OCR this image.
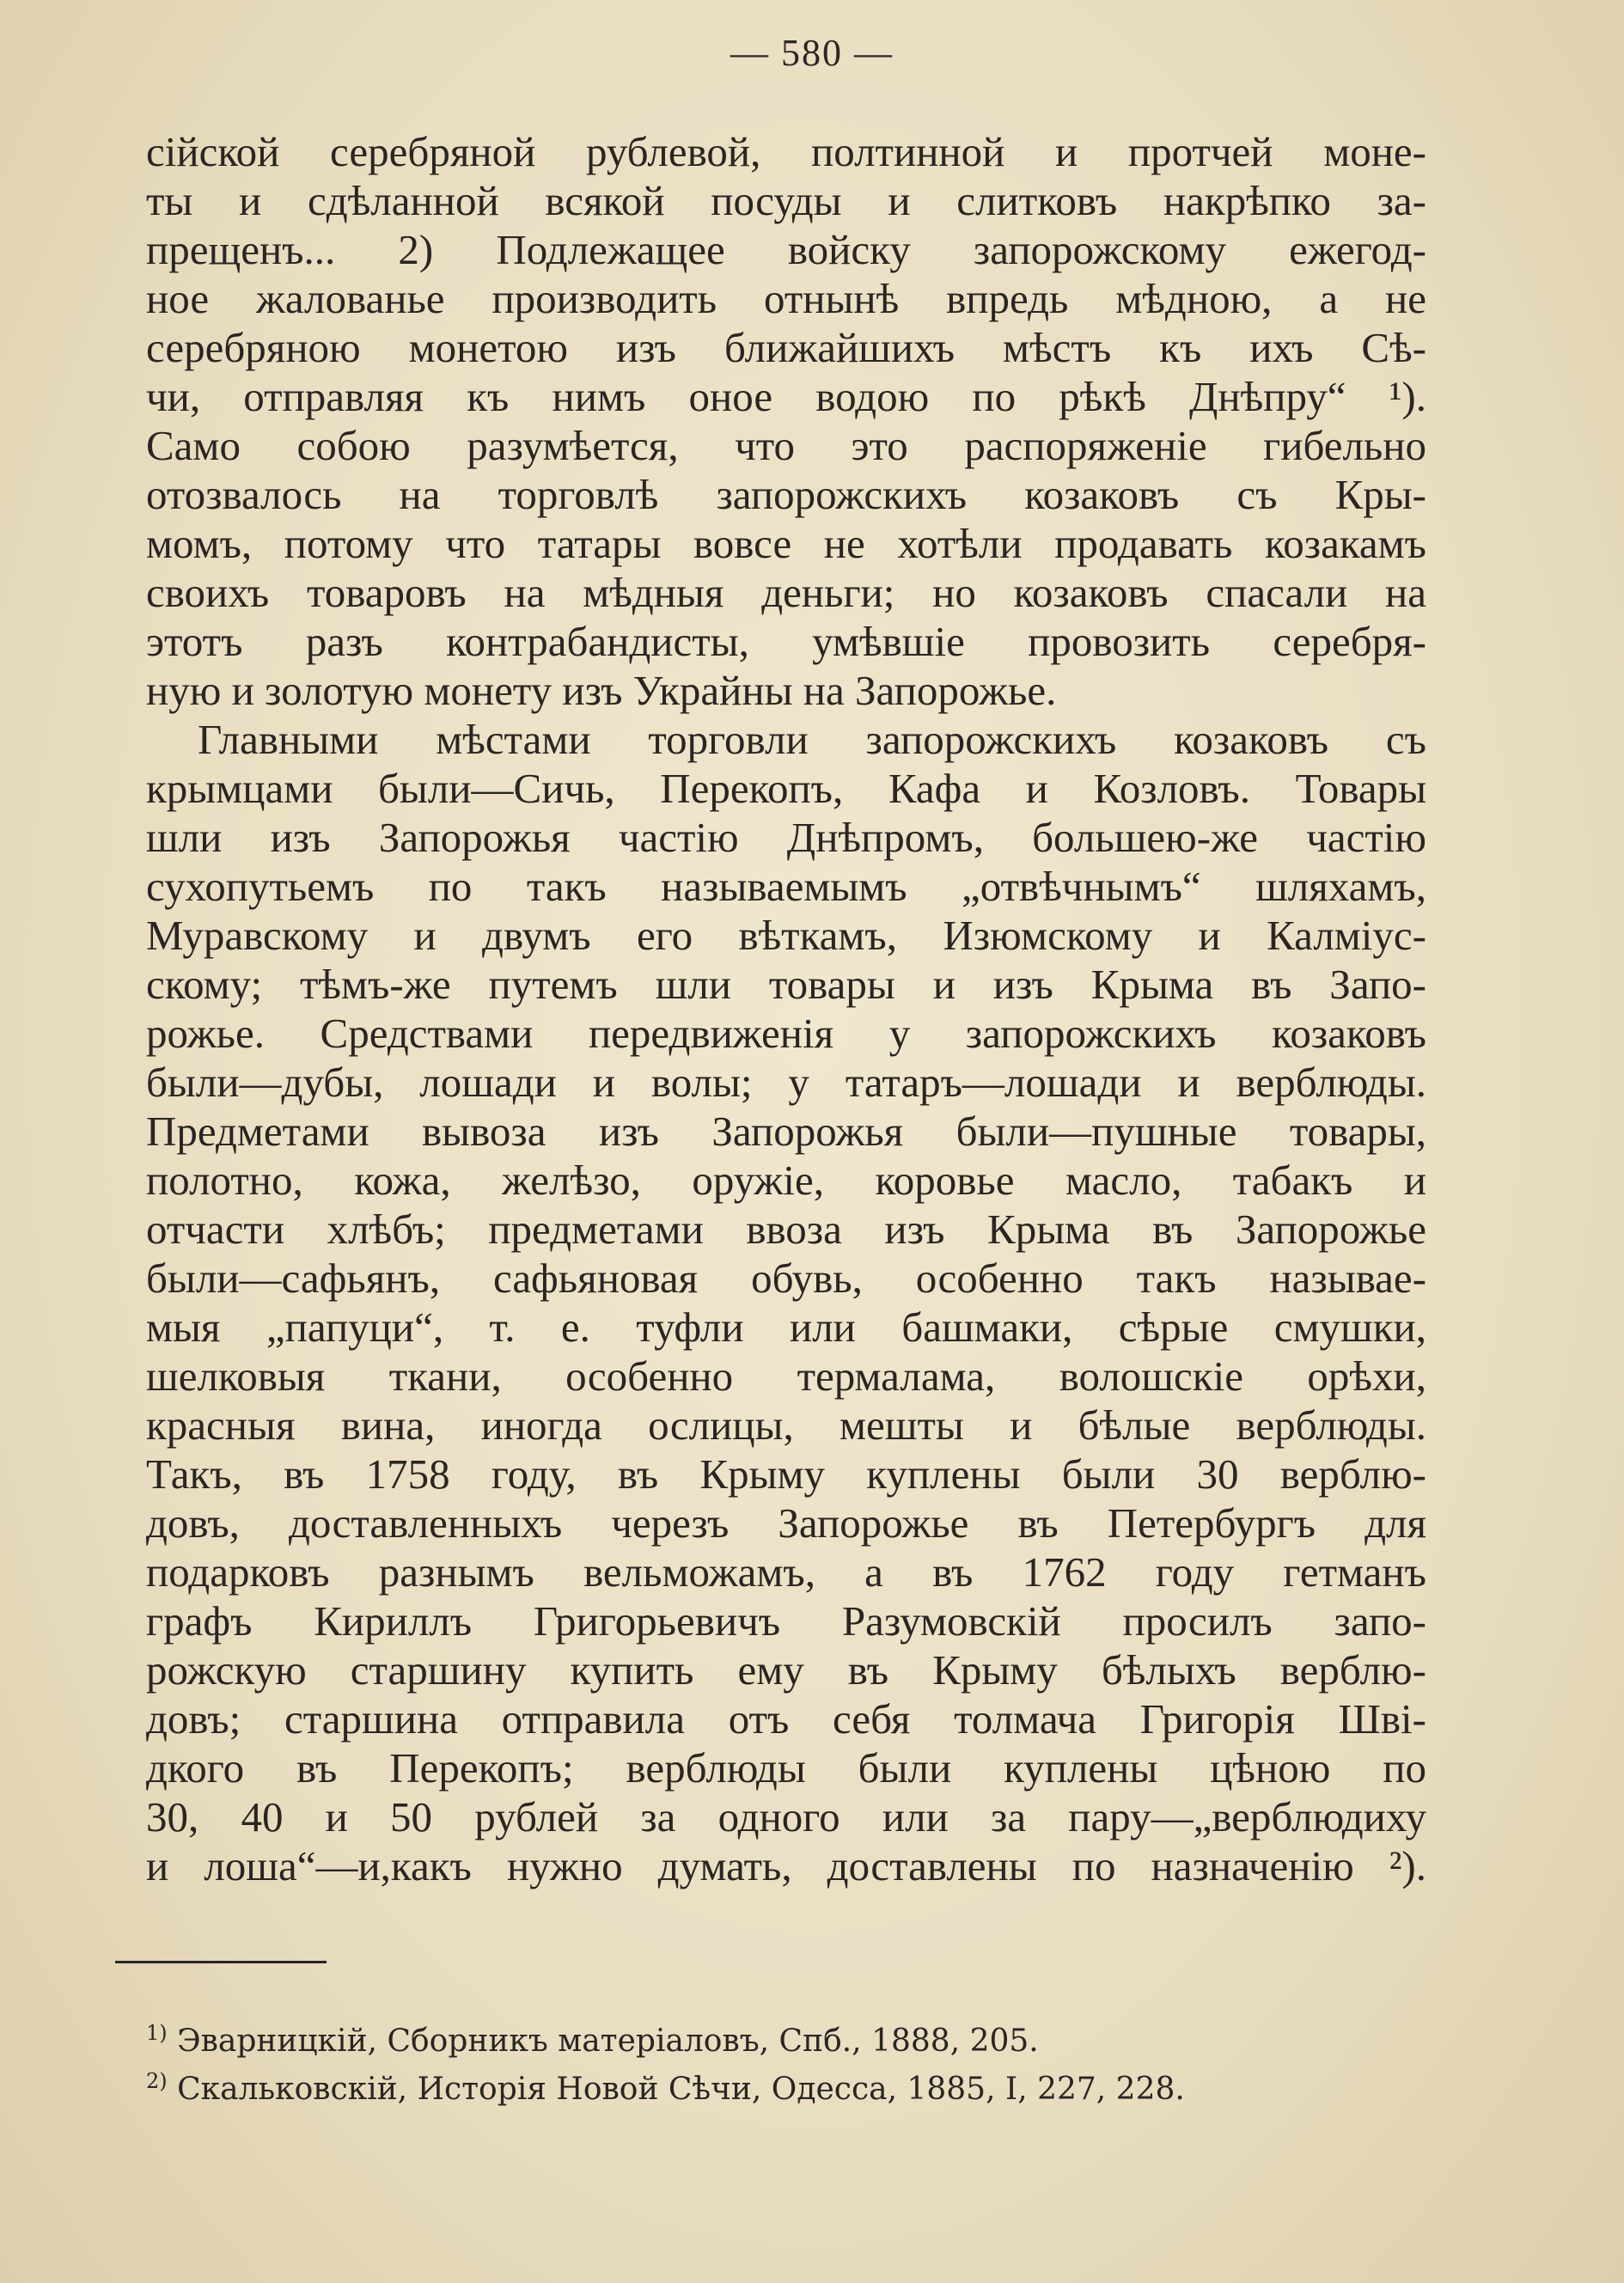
— 580 —
сійской серебряной рублевой, полтинной и протчей моне-
ты и сдѣланной всякой посуды и слитковъ накрѣпко за-
прещенъ... 2) Подлежащее войску запорожскому ежегод-
ное жалованье производить отнынѣ впредь мѣдною, а не
серебряною монетою изъ ближайшихъ мѣстъ къ ихъ Сѣ-
чи, отправляя къ нимъ оное водою по рѣкѣ Днѣпру“ ¹).
Само собою разумѣется, что это распоряженіе гибельно
отозвалось на торговлѣ запорожскихъ козаковъ съ Кры-
момъ, потому что татары вовсе не хотѣли продавать козакамъ
своихъ товаровъ на мѣдныя деньги; но козаковъ спасали на
этотъ разъ контрабандисты, умѣвшіе провозить серебря-
ную и золотую монету изъ Украйны на Запорожье.
Главными мѣстами торговли запорожскихъ козаковъ съ
крымцами были—Сичь, Перекопъ, Кафа и Козловъ. Товары
шли изъ Запорожья частію Днѣпромъ, большею-же частію
сухопутьемъ по такъ называемымъ „отвѣчнымъ“ шляхамъ,
Муравскому и двумъ его вѣткамъ, Изюмскому и Калміус-
скому; тѣмъ-же путемъ шли товары и изъ Крыма въ Запо-
рожье. Средствами передвиженія у запорожскихъ козаковъ
были—дубы, лошади и волы; у татаръ—лошади и верблюды.
Предметами вывоза изъ Запорожья были—пушные товары,
полотно, кожа, желѣзо, оружіе, коровье масло, табакъ и
отчасти хлѣбъ; предметами ввоза изъ Крыма въ Запорожье
были—сафьянъ, сафьяновая обувь, особенно такъ называе-
мыя „папуци“, т. е. туфли или башмаки, сѣрые смушки,
шелковыя ткани, особенно термалама, волошскіе орѣхи,
красныя вина, иногда ослицы, мешты и бѣлые верблюды.
Такъ, въ 1758 году, въ Крыму куплены были 30 верблю-
довъ, доставленныхъ черезъ Запорожье въ Петербургъ для
подарковъ разнымъ вельможамъ, а въ 1762 году гетманъ
графъ Кириллъ Григорьевичъ Разумовскій просилъ запо-
рожскую старшину купить ему въ Крыму бѣлыхъ верблю-
довъ; старшина отправила отъ себя толмача Григорія Шві-
дкого въ Перекопъ; верблюды были куплены цѣною по
30, 40 и 50 рублей за одного или за пару—„верблюдиху
и лоша“—и,какъ нужно думать, доставлены по назначенію ²).
$^{1)}$ Эварницкій, Сборникъ матеріаловъ, Спб., 1888, 205.
$^{2)}$ Скальковскій, Исторія Новой Сѣчи, Одесса, 1885, I, 227, 228.
